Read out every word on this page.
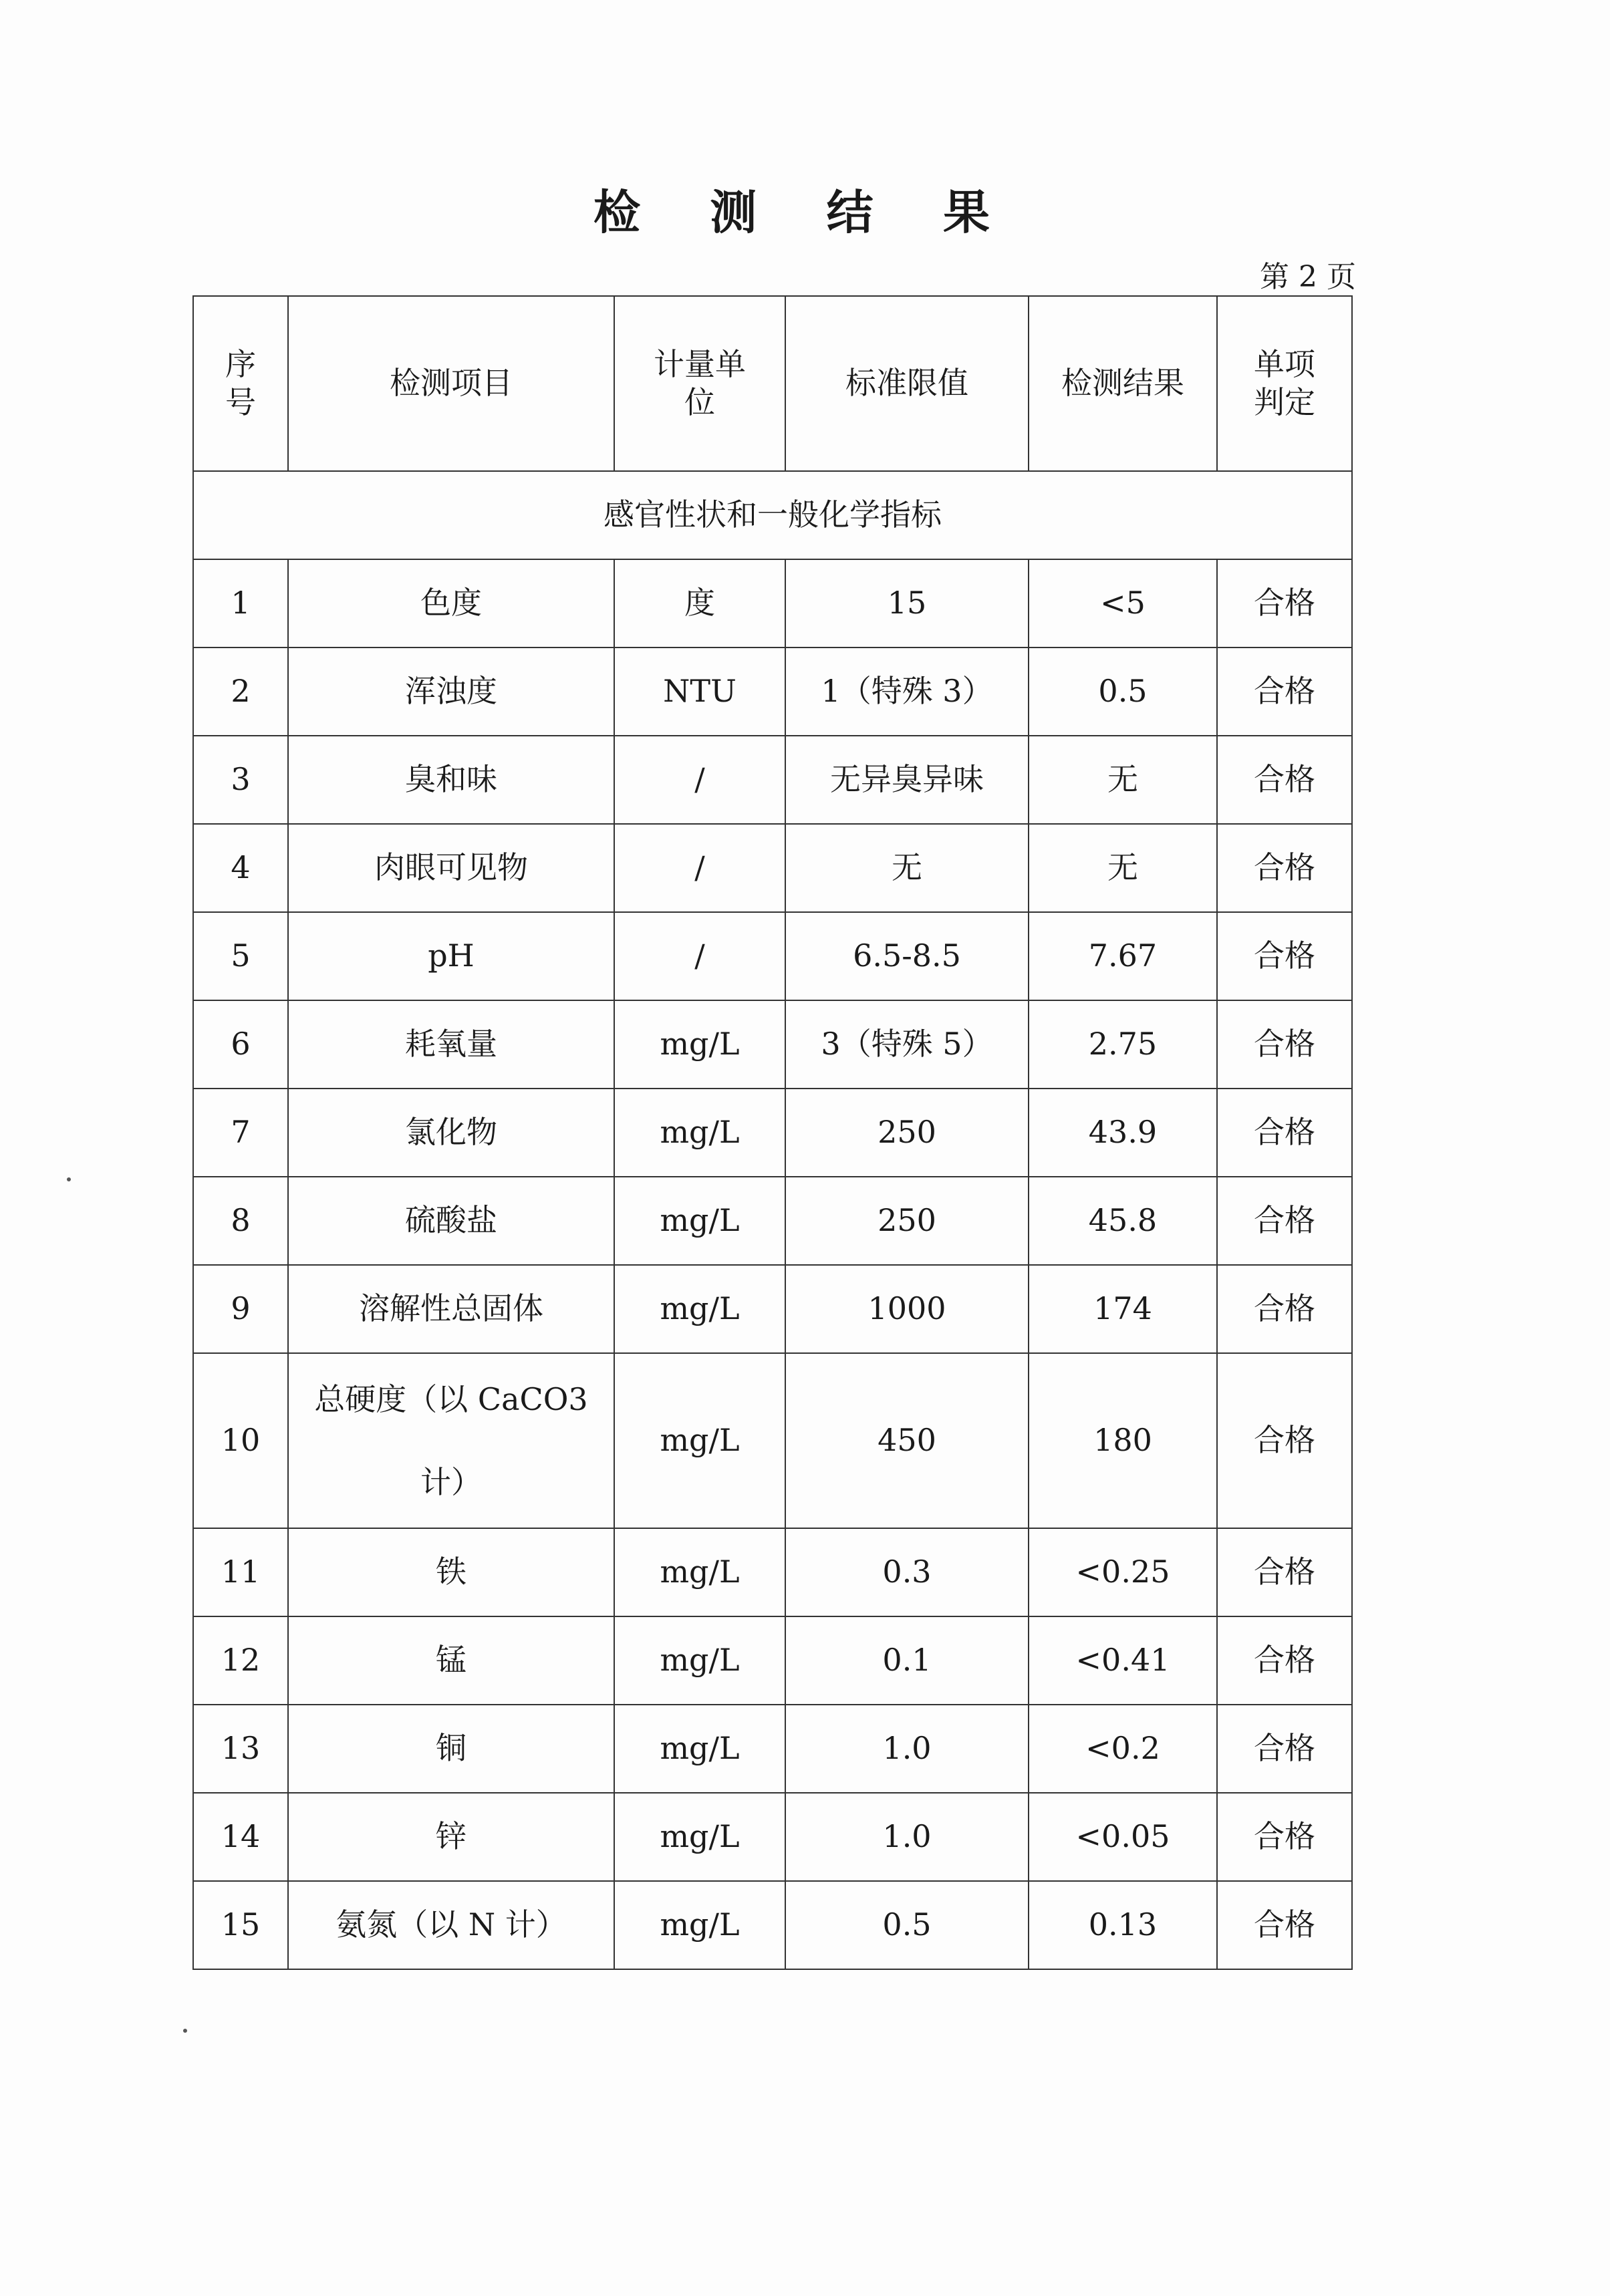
检 测 结 果
第 2 页
序 号	检测项目	计量单 位	标准限值	检测结果	单项 判定
感官性状和一般化学指标					
1	色度	度	15	<5	合格
2	浑浊度	NTU	1（特殊 3）	0.5	合格
3	臭和味	/	无异臭异味	无	合格
4	肉眼可见物	/	无	无	合格
5	pH	/	6.5-8.5	7.67	合格
6	耗氧量	mg/L	3（特殊 5）	2.75	合格
7	氯化物	mg/L	250	43.9	合格
8	硫酸盐	mg/L	250	45.8	合格
9	溶解性总固体	mg/L	1000	174	合格
10	总硬度（以 CaCO3 计）	mg/L	450	180	合格
11	铁	mg/L	0.3	<0.25	合格
12	锰	mg/L	0.1	<0.41	合格
13	铜	mg/L	1.0	<0.2	合格
14	锌	mg/L	1.0	<0.05	合格
15	氨氮（以 N 计）	mg/L	0.5	0.13	合格
